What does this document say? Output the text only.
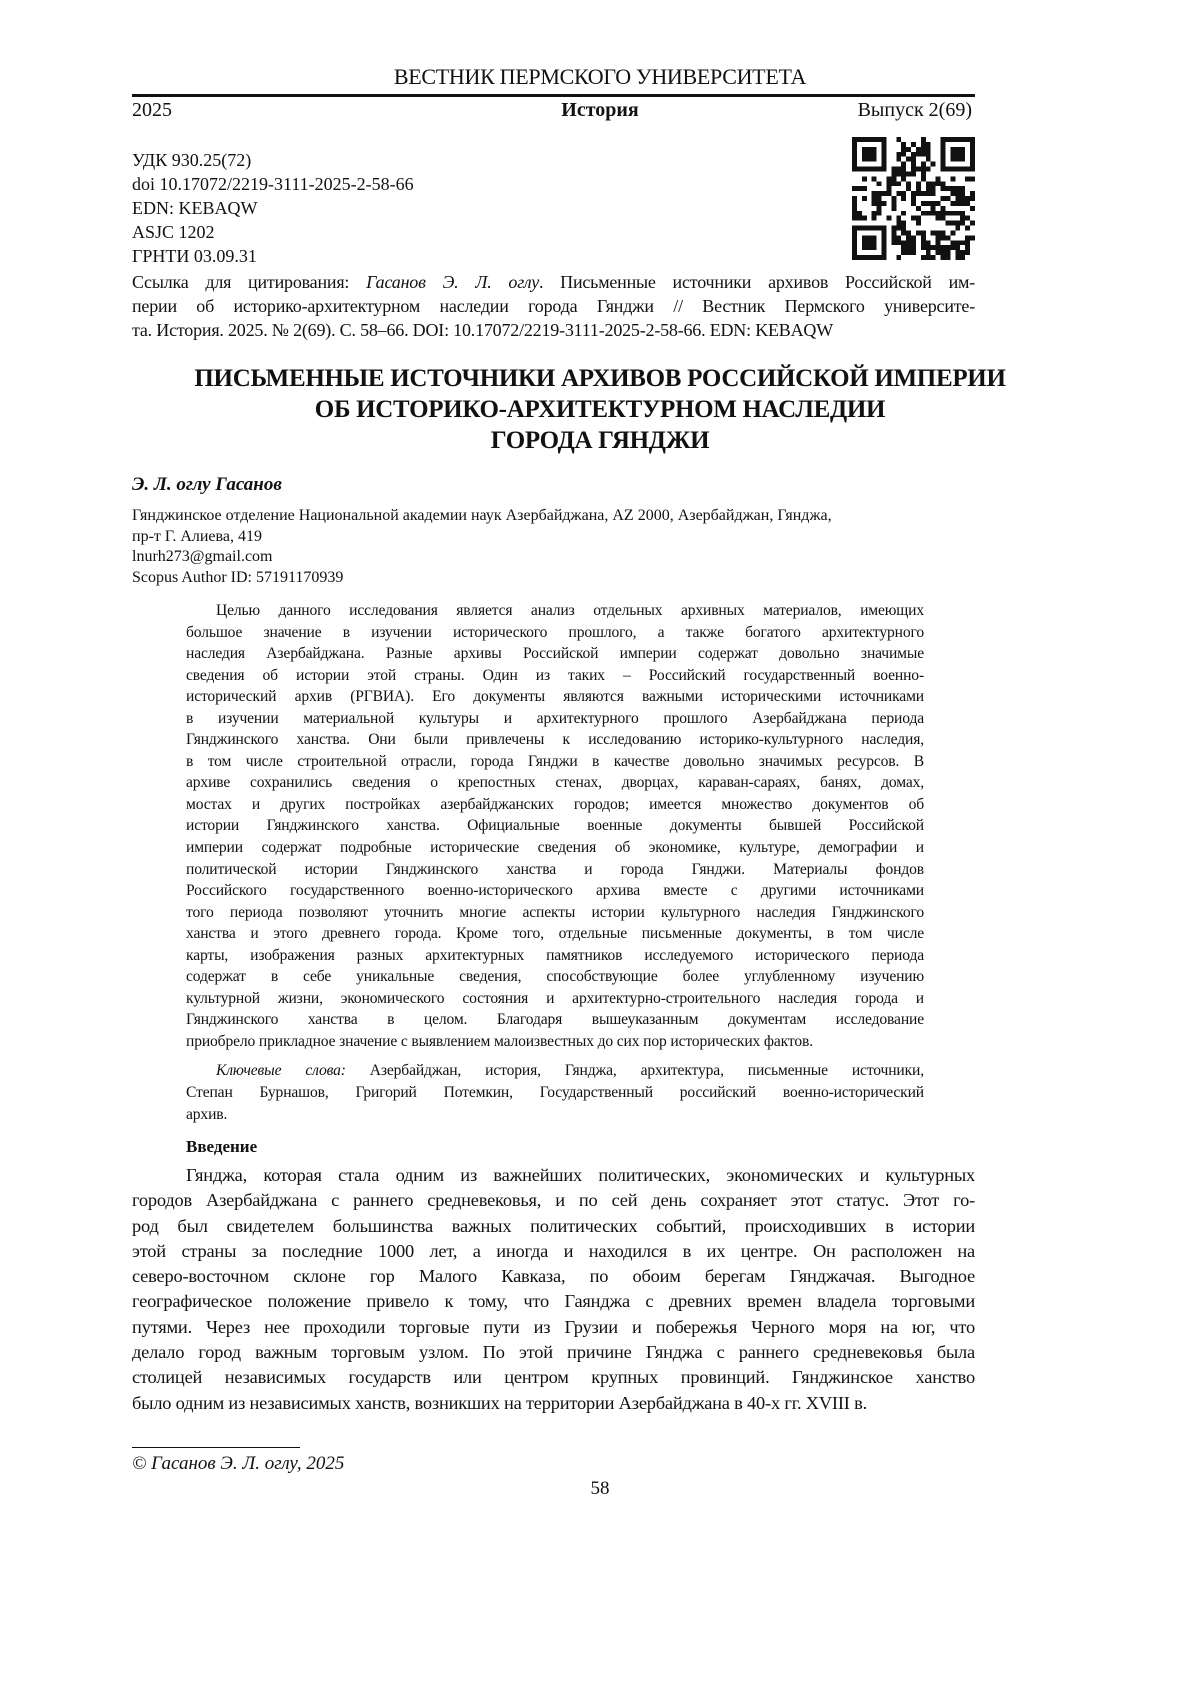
ВЕСТНИК ПЕРМСКОГО УНИВЕРСИТЕТА
2025	История	Выпуск 2(69)
УДК 930.25(72)
doi 10.17072/2219-3111-2025-2-58-66
EDN: KEBAQW
ASJC 1202
ГРНТИ 03.09.31
Ссылка для цитирования: Гасанов Э. Л. оглу. Письменные источники архивов Российской им-
перии об историко-архитектурном наследии города Гянджи // Вестник Пермского университе-
та. История. 2025. № 2(69). С. 58–66. DOI: 10.17072/2219-3111-2025-2-58-66. EDN: KEBAQW
ПИСЬМЕННЫЕ ИСТОЧНИКИ АРХИВОВ РОССИЙСКОЙ ИМПЕРИИ
ОБ ИСТОРИКО-АРХИТЕКТУРНОМ НАСЛЕДИИ
ГОРОДА ГЯНДЖИ
Э. Л. оглу Гасанов
Гянджинское отделение Национальной академии наук Азербайджана, AZ 2000, Азербайджан, Гянджа,
пр-т Г. Алиева, 419
lnurh273@gmail.com
Scopus Author ID: 57191170939
Целью данного исследования является анализ отдельных архивных материалов, имеющих
большое значение в изучении исторического прошлого, а также богатого архитектурного
наследия Азербайджана. Разные архивы Российской империи содержат довольно значимые
сведения об истории этой страны. Один из таких – Российский государственный военно-
исторический архив (РГВИА). Его документы являются важными историческими источниками
в изучении материальной культуры и архитектурного прошлого Азербайджана периода
Гянджинского ханства. Они были привлечены к исследованию историко-культурного наследия,
в том числе строительной отрасли, города Гянджи в качестве довольно значимых ресурсов. В
архиве сохранились сведения о крепостных стенах, дворцах, караван-сараях, банях, домах,
мостах и других постройках азербайджанских городов; имеется множество документов об
истории Гянджинского ханства. Официальные военные документы бывшей Российской
империи содержат подробные исторические сведения об экономике, культуре, демографии и
политической истории Гянджинского ханства и города Гянджи. Материалы фондов
Российского государственного военно-исторического архива вместе с другими источниками
того периода позволяют уточнить многие аспекты истории культурного наследия Гянджинского
ханства и этого древнего города. Кроме того, отдельные письменные документы, в том числе
карты, изображения разных архитектурных памятников исследуемого исторического периода
содержат в себе уникальные сведения, способствующие более углубленному изучению
культурной жизни, экономического состояния и архитектурно-строительного наследия города и
Гянджинского ханства в целом. Благодаря вышеуказанным документам исследование
приобрело прикладное значение с выявлением малоизвестных до сих пор исторических фактов.
Ключевые слова: Азербайджан, история, Гянджа, архитектура, письменные источники,
Степан Бурнашов, Григорий Потемкин, Государственный российский военно-исторический
архив.
Введение
Гянджа, которая стала одним из важнейших политических, экономических и культурных
городов Азербайджана с раннего средневековья, и по сей день сохраняет этот статус. Этот го-
род был свидетелем большинства важных политических событий, происходивших в истории
этой страны за последние 1000 лет, а иногда и находился в их центре. Он расположен на
северо-восточном склоне гор Малого Кавказа, по обоим берегам Гянджачая. Выгодное
географическое положение привело к тому, что Гаянджа с древних времен владела торговыми
путями. Через нее проходили торговые пути из Грузии и побережья Черного моря на юг, что
делало город важным торговым узлом. По этой причине Гянджа с раннего средневековья была
столицей независимых государств или центром крупных провинций. Гянджинское ханство
было одним из независимых ханств, возникших на территории Азербайджана в 40-х гг. XVIII в.
© Гасанов Э. Л. оглу, 2025
58
